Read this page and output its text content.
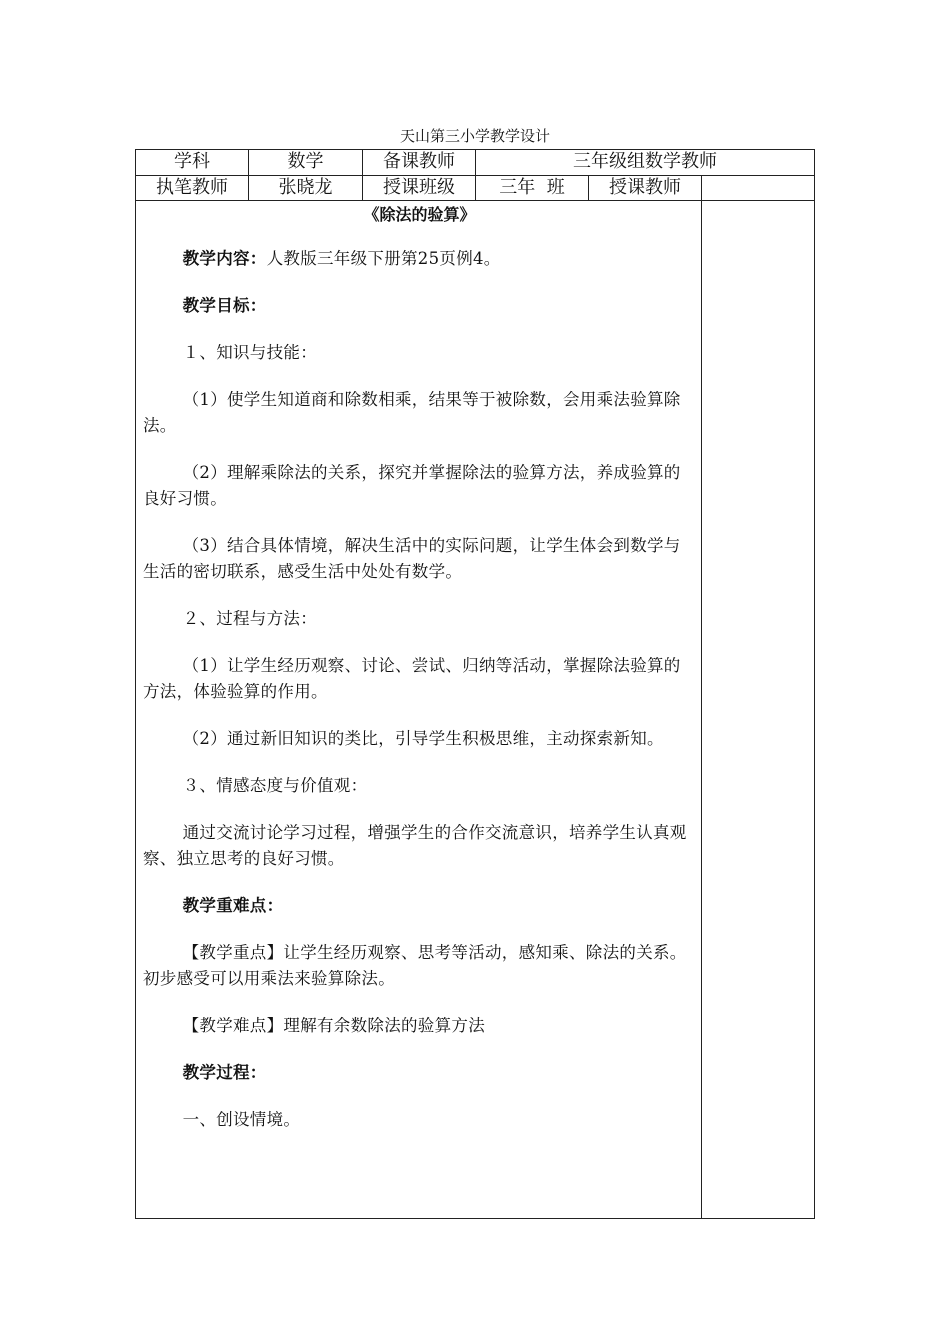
天山第三小学教学设计
学科	数学	备课教师	三年级组数学教师
执笔教师	张晓龙	授课班级	三年  班	授课教师
《除法的验算》

教学内容：人教版三年级下册第25页例4。

教学目标：

１、知识与技能：

（1）使学生知道商和除数相乘，结果等于被除数，会用乘法验算除法。

（2）理解乘除法的关系，探究并掌握除法的验算方法，养成验算的良好习惯。

（3）结合具体情境，解决生活中的实际问题，让学生体会到数学与生活的密切联系，感受生活中处处有数学。

２、过程与方法：

（1）让学生经历观察、讨论、尝试、归纳等活动，掌握除法验算的方法，体验验算的作用。

（2）通过新旧知识的类比，引导学生积极思维，主动探索新知。

３、情感态度与价值观：

通过交流讨论学习过程，增强学生的合作交流意识，培养学生认真观察、独立思考的良好习惯。

教学重难点：

【教学重点】让学生经历观察、思考等活动，感知乘、除法的关系。初步感受可以用乘法来验算除法。

【教学难点】理解有余数除法的验算方法

教学过程：

一、创设情境。
